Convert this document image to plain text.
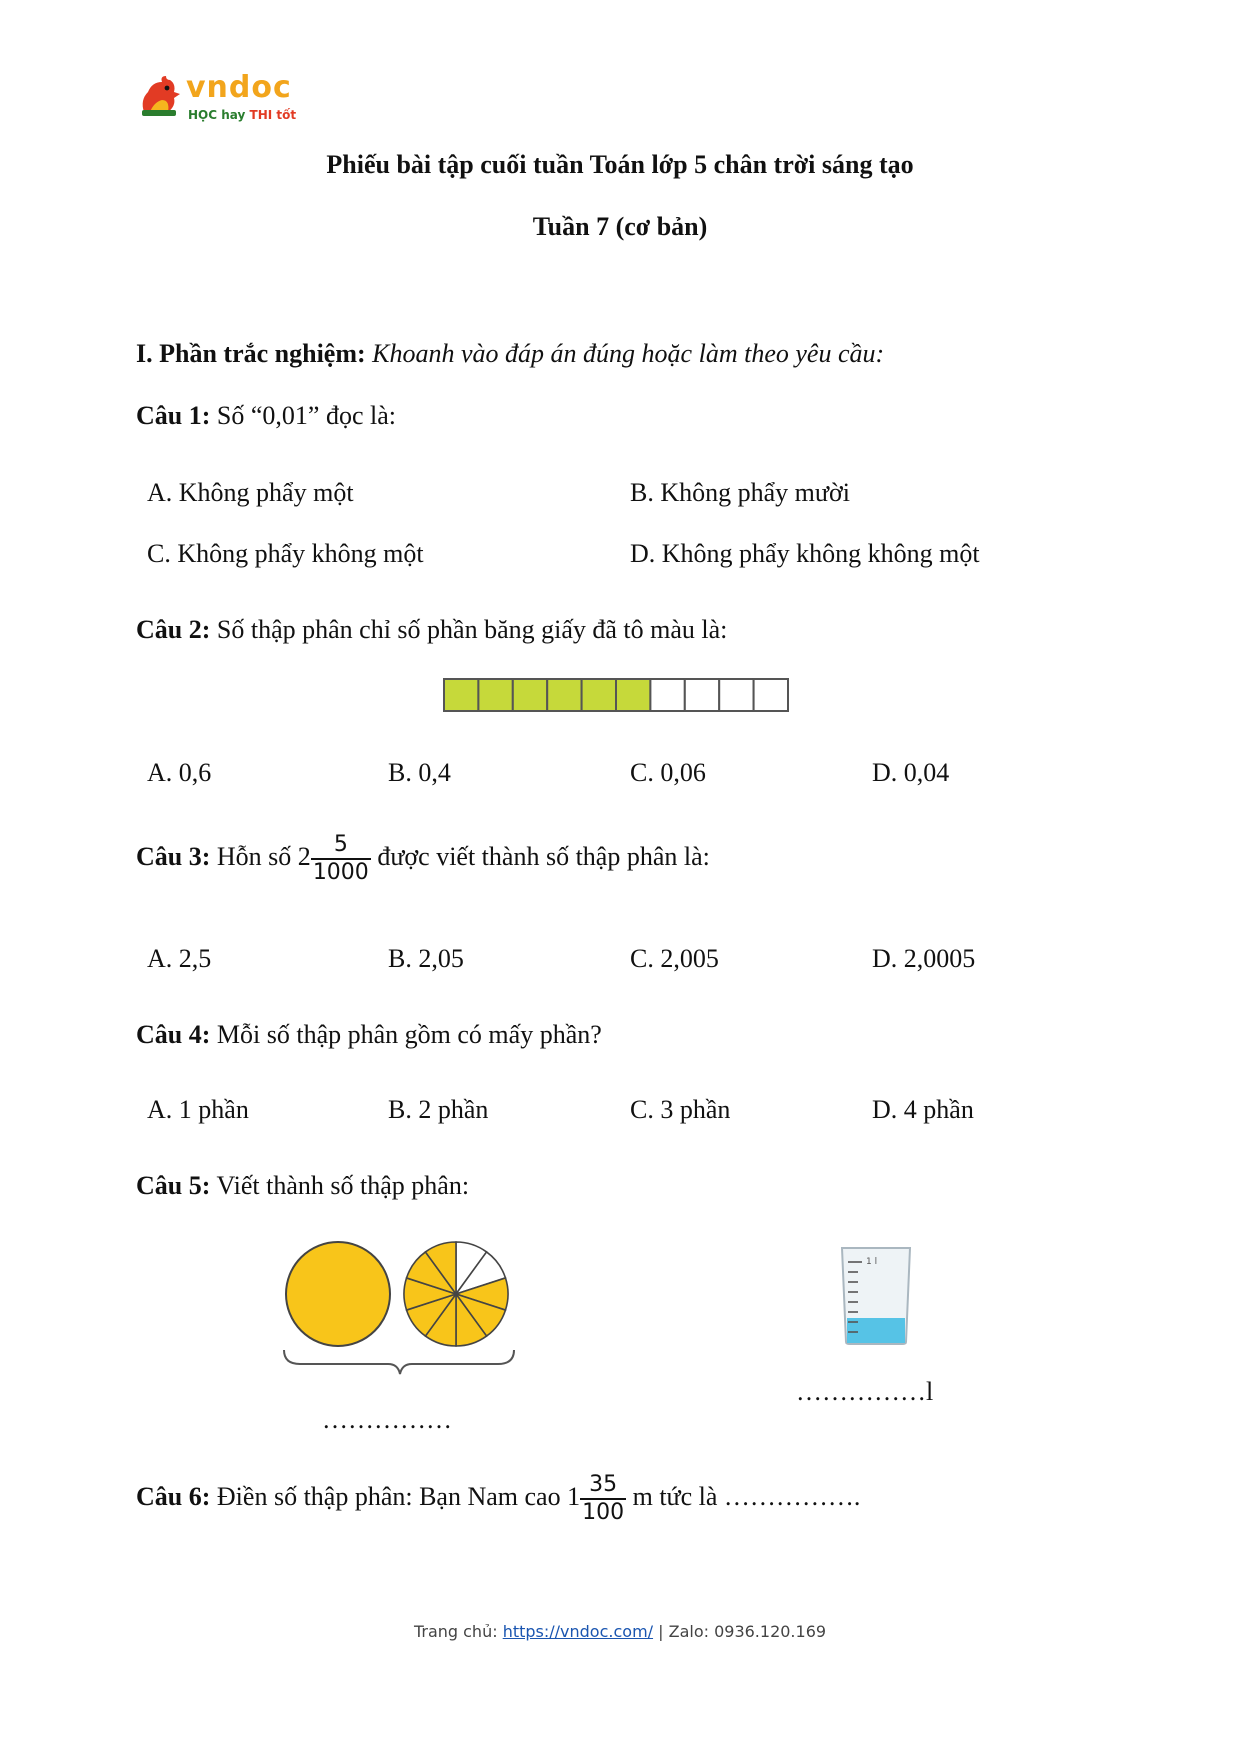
vndoc
HỌC hay THI tốt
Phiếu bài tập cuối tuần Toán lớp 5 chân trời sáng tạo
Tuần 7 (cơ bản)
I. Phần trắc nghiệm: Khoanh vào đáp án đúng hoặc làm theo yêu cầu:
Câu 1: Số “0,01” đọc là:
A. Không phẩy một	B. Không phẩy mười
C. Không phẩy không một	D. Không phẩy không không một
Câu 2: Số thập phân chỉ số phần băng giấy đã tô màu là:
A. 0,6	B. 0,4	C. 0,06	D. 0,04
Câu 3: Hỗn số $2 \frac{5}{1000}$ được viết thành số thập phân là:
A. 2,5	B. 2,05	C. 2,005	D. 2,0005
Câu 4: Mỗi số thập phân gồm có mấy phần?
A. 1 phần	B. 2 phần	C. 3 phần	D. 4 phần
Câu 5: Viết thành số thập phân:
1 l
……………l
……………
Câu 6: Điền số thập phân: Bạn Nam cao $1 \frac{35}{100}$ m tức là …………….
Trang chủ: https://vndoc.com/ | Zalo: 0936.120.169
